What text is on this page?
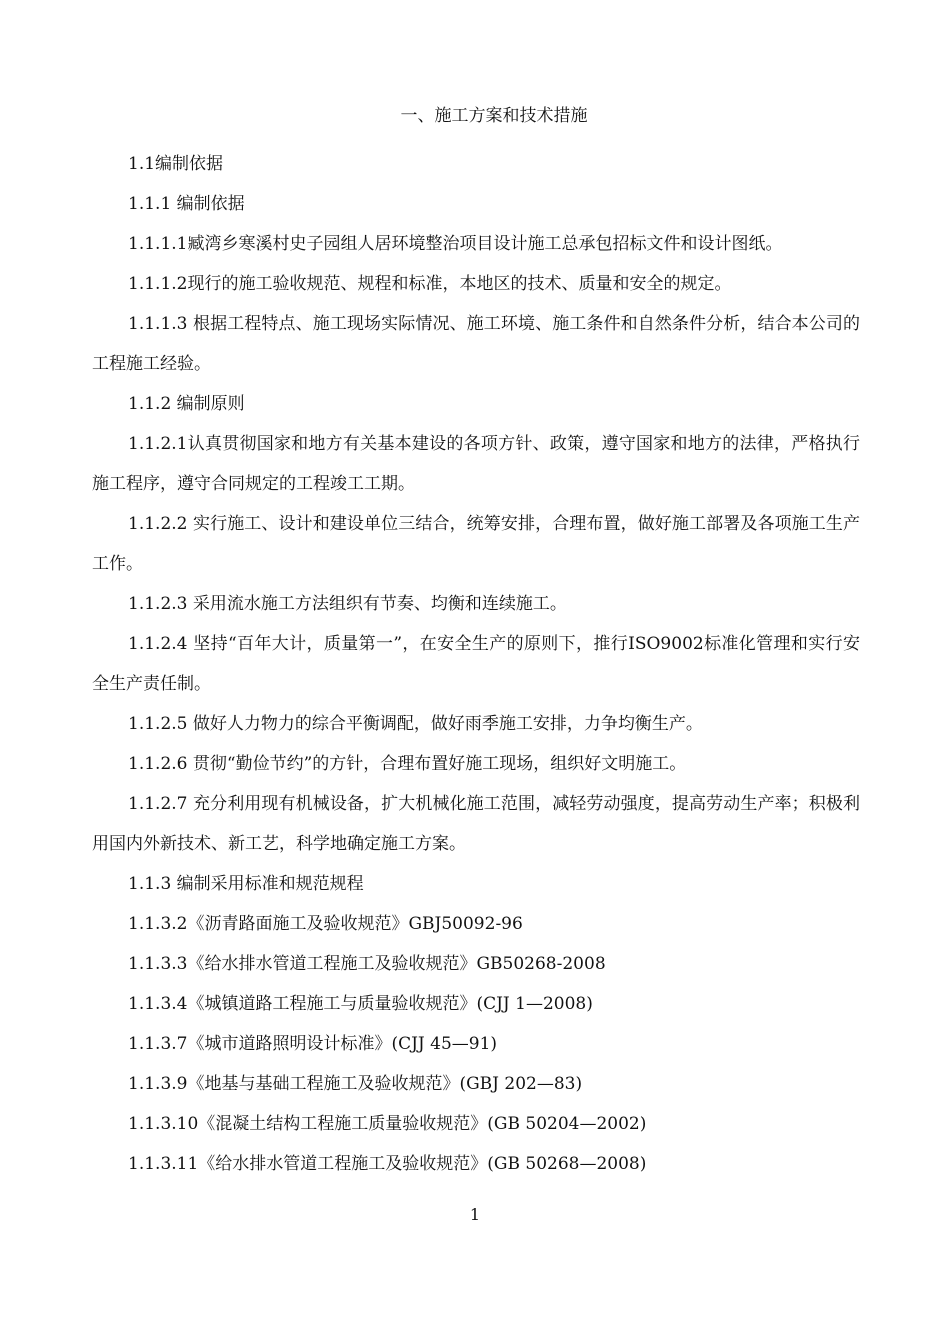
一、施工方案和技术措施

1.1编制依据

1.1.1 编制依据

1.1.1.1臧湾乡寒溪村史子园组人居环境整治项目设计施工总承包招标文件和设计图纸。

1.1.1.2现行的施工验收规范、规程和标准，本地区的技术、质量和安全的规定。

1.1.1.3 根据工程特点、施工现场实际情况、施工环境、施工条件和自然条件分析，结合本公司的工程施工经验。

1.1.2 编制原则

1.1.2.1认真贯彻国家和地方有关基本建设的各项方针、政策，遵守国家和地方的法律，严格执行施工程序，遵守合同规定的工程竣工工期。

1.1.2.2 实行施工、设计和建设单位三结合，统筹安排，合理布置，做好施工部署及各项施工生产工作。

1.1.2.3 采用流水施工方法组织有节奏、均衡和连续施工。

1.1.2.4 坚持“百年大计，质量第一”，在安全生产的原则下，推行ISO9002标准化管理和实行安全生产责任制。

1.1.2.5 做好人力物力的综合平衡调配，做好雨季施工安排，力争均衡生产。

1.1.2.6 贯彻“勤俭节约”的方针，合理布置好施工现场，组织好文明施工。

1.1.2.7 充分利用现有机械设备，扩大机械化施工范围，减轻劳动强度，提高劳动生产率；积极利用国内外新技术、新工艺，科学地确定施工方案。

1.1.3 编制采用标准和规范规程

1.1.3.2《沥青路面施工及验收规范》GBJ50092-96

1.1.3.3《给水排水管道工程施工及验收规范》GB50268-2008

1.1.3.4《城镇道路工程施工与质量验收规范》(CJJ 1—2008)

1.1.3.7《城市道路照明设计标准》(CJJ 45—91)

1.1.3.9《地基与基础工程施工及验收规范》(GBJ 202—83)

1.1.3.10《混凝土结构工程施工质量验收规范》(GB 50204—2002)

1.1.3.11《给水排水管道工程施工及验收规范》(GB 50268—2008)

1
